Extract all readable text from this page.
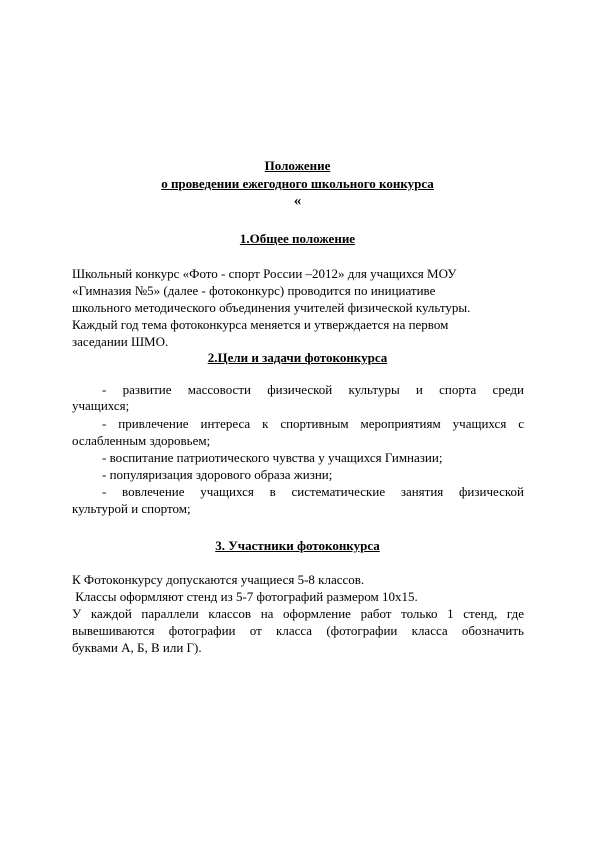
Положение
о проведении ежегодного школьного конкурса
«
1.Общее положение
Школьный конкурс «Фото - спорт России –2012» для учащихся МОУ
«Гимназия №5» (далее - фотоконкурс) проводится по инициативе
школьного методического объединения учителей физической культуры.
Каждый год тема фотоконкурса меняется и утверждается на первом
заседании ШМО.
2.Цели и задачи фотоконкурса
- развитие массовости физической культуры и спорта среди
учащихся;
- привлечение интереса к спортивным мероприятиям учащихся с
ослабленным здоровьем;
- воспитание патриотического чувства у учащихся Гимназии;
- популяризация здорового образа жизни;
- вовлечение учащихся в систематические занятия физической
культурой и спортом;
3. Участники фотоконкурса
К Фотоконкурсу допускаются учащиеся 5-8 классов.
Классы оформляют стенд из 5-7 фотографий размером 10х15.
У каждой параллели классов на оформление работ только 1 стенд, где
вывешиваются фотографии от класса (фотографии класса обозначить
буквами А, Б, В или Г).
